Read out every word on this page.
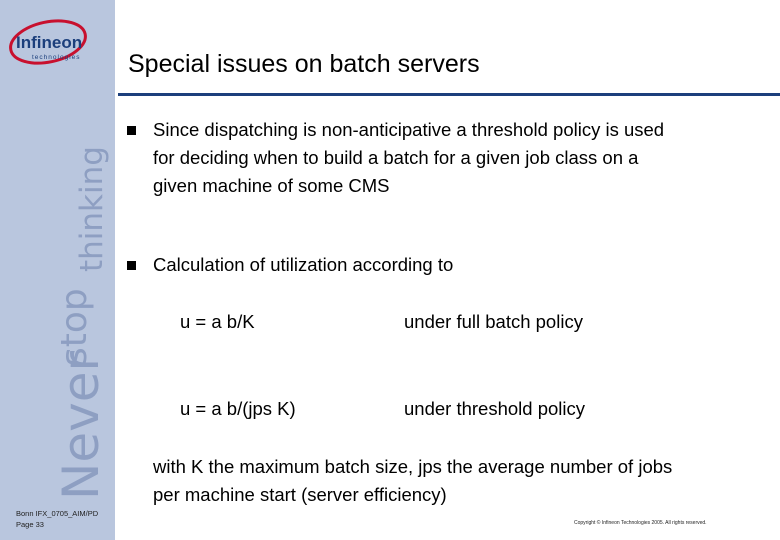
Infineon
technologies
Never
stop
thinking
Bonn IFX_0705_AIM/PD
Page 33
Special issues on batch servers
Since dispatching is non-anticipative a threshold policy is used
for deciding when to build a batch for a given job class on a
given machine of some CMS
Calculation of utilization according to
u = a b/K	under full batch policy
u = a b/(jps K)	under threshold policy
with K the maximum batch size, jps the average number of jobs
per machine start (server efficiency)
Copyright © Infineon Technologies 2005. All rights reserved.
